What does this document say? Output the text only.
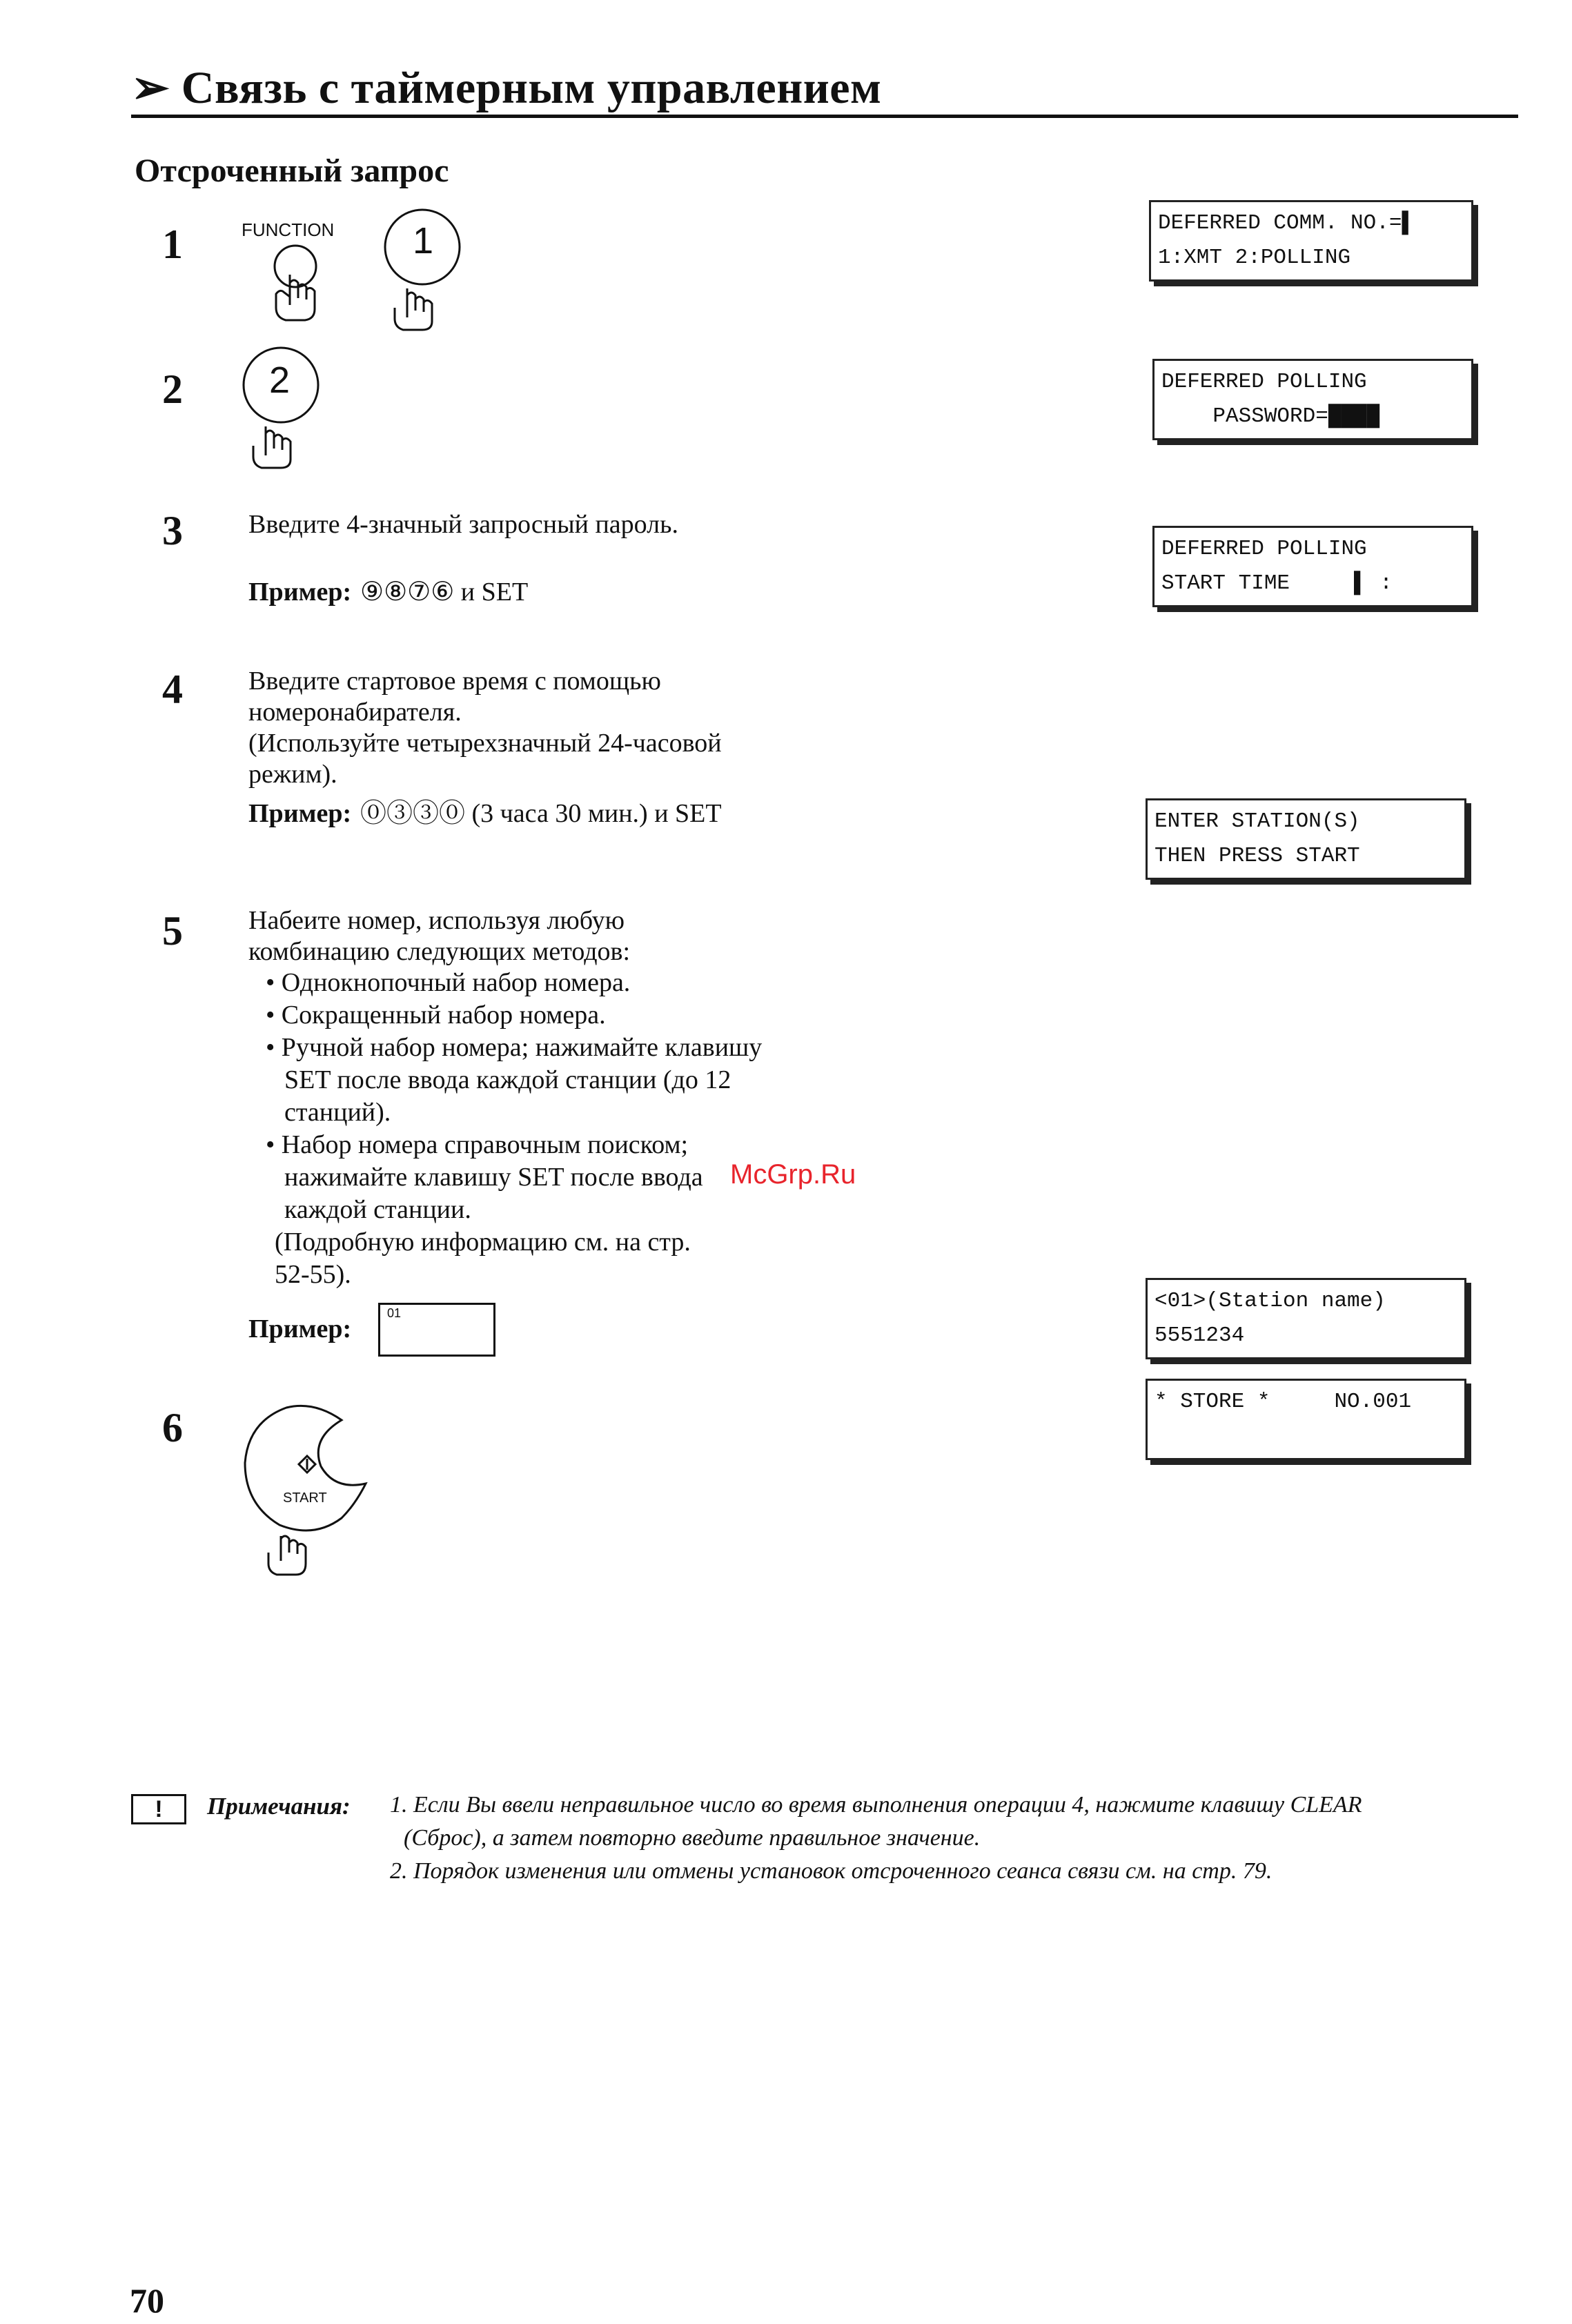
➢ Связь с таймерным управлением
Отсроченный запрос
1	FUNCTION 1
2 2
3	Введите 4-значный запросный пароль.
Пример: ⑨⑧⑦⑥ и SET
4	Введите стартовое время с помощью
номеронабирателя.
(Используйте четырехзначный 24-часовой
режим).
Пример: ⓪③③⓪ (3 часа 30 мин.) и SET
5	Набеите номер, используя любую
комбинацию следующих методов:
• Однокнопочный набор номера.
• Сокращенный набор номера.
• Ручной набор номера; нажимайте клавишу
SET после ввода каждой станции (до 12
станций).
• Набор номера справочным поиском;
нажимайте клавишу SET после ввода
каждой станции.
(Подробную информацию см. на стр.
52-55).
Пример:
01
6
START
DEFERRED COMM. NO.=▌
1:XMT 2:POLLING
DEFERRED POLLING
PASSWORD=████
DEFERRED POLLING
START TIME     ▌ :
ENTER STATION(S)
THEN PRESS START
<01>(Station name)
5551234
* STORE *     NO.001
McGrp.Ru
!	Примечания: 1. Если Вы ввели неправильное число во время выполнения операции 4, нажмите клавишу CLEAR
(Сброс), а затем повторно введите правильное значение.
2. Порядок изменения или отмены установок отсроченного сеанса связи см. на стр. 79.
70
